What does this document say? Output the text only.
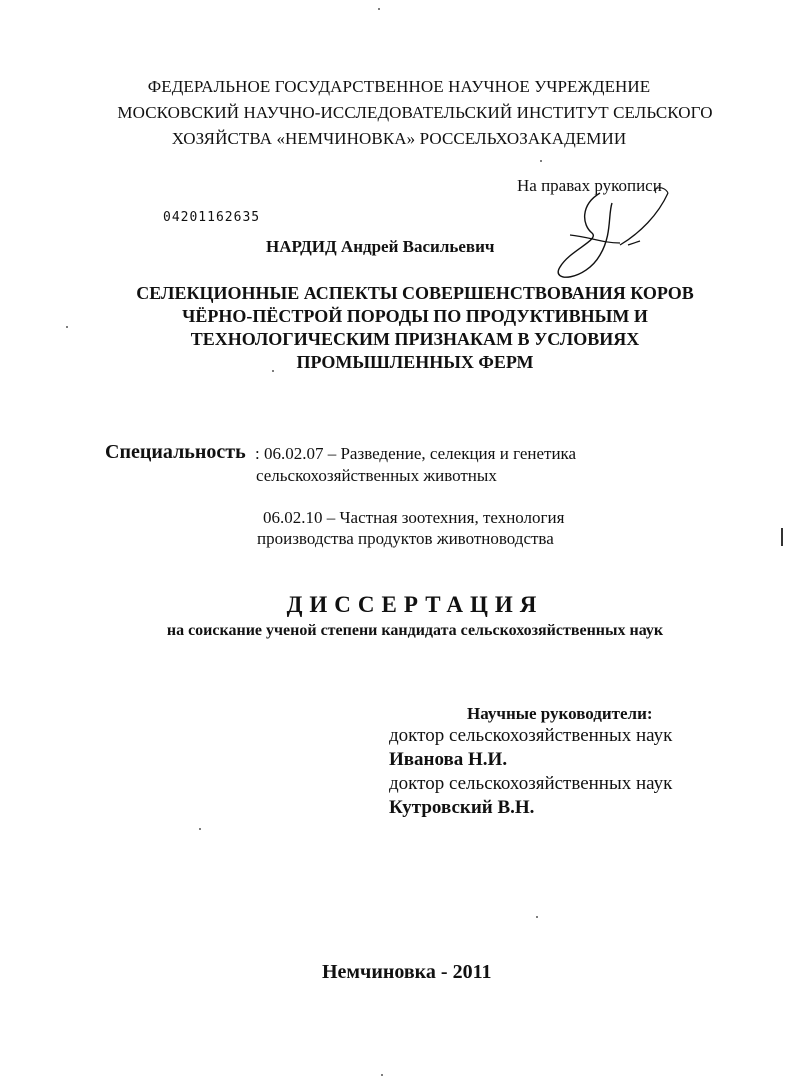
ФЕДЕРАЛЬНОЕ ГОСУДАРСТВЕННОЕ НАУЧНОЕ УЧРЕЖДЕНИЕ
МОСКОВСКИЙ НАУЧНО-ИССЛЕДОВАТЕЛЬСКИЙ ИНСТИТУТ СЕЛЬСКОГО
ХОЗЯЙСТВА «НЕМЧИНОВКА» РОССЕЛЬХОЗАКАДЕМИИ
На правах рукописи
04201162635
НАРДИД Андрей Васильевич
СЕЛЕКЦИОННЫЕ АСПЕКТЫ СОВЕРШЕНСТВОВАНИЯ КОРОВ
ЧЁРНО-ПЁСТРОЙ ПОРОДЫ ПО ПРОДУКТИВНЫМ И
ТЕХНОЛОГИЧЕСКИМ ПРИЗНАКАМ В УСЛОВИЯХ
ПРОМЫШЛЕННЫХ ФЕРМ
Специальность : 06.02.07 – Разведение, селекция и генетика
сельскохозяйственных животных
06.02.10 – Частная зоотехния, технология
производства продуктов животноводства
ДИССЕРТАЦИЯ
на соискание ученой степени кандидата сельскохозяйственных наук
Научные руководители:
доктор сельскохозяйственных наук
Иванова Н.И.
доктор сельскохозяйственных наук
Кутровский В.Н.
Немчиновка - 2011
